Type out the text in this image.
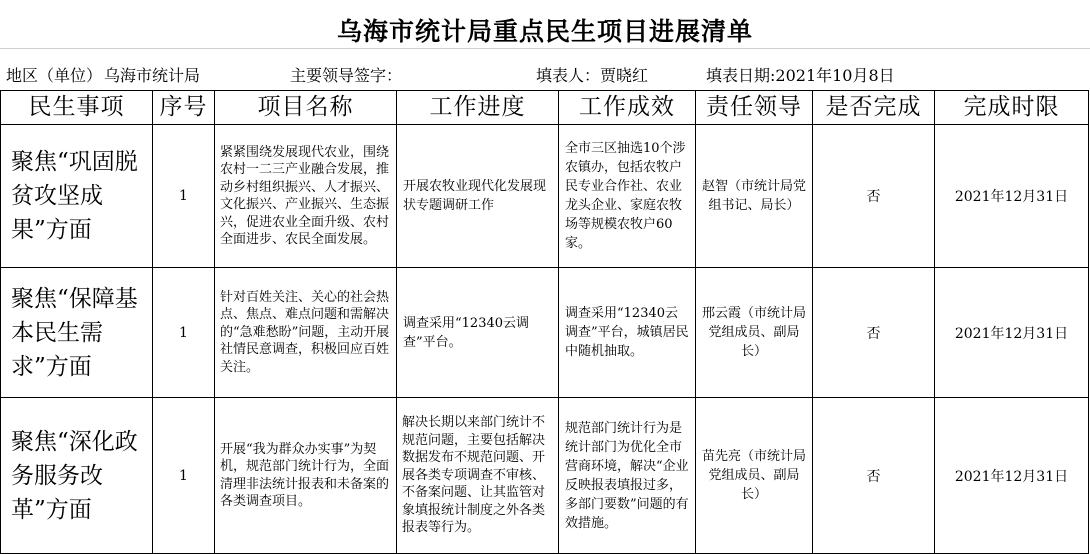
乌海市统计局重点民生项目进展清单
地区（单位） 乌海市统计局	主要领导签字：	填表人：贾晓红	填表日期:2021年10月8日
民生事项	序号	项目名称	工作进度	工作成效	责任领导	是否完成	完成时限
聚焦“巩固脱贫攻坚成果”方面	1	紧紧围绕发展现代农业，围绕农村一二三产业融合发展，推动乡村组织振兴、人才振兴、文化振兴、产业振兴、生态振兴，促进农业全面升级、农村全面进步、农民全面发展。	开展农牧业现代化发展现状专题调研工作	全市三区抽选10个涉农镇办，包括农牧户民专业合作社、农业龙头企业、家庭农牧场等规模农牧户60家。	赵智（市统计局党组书记、局长）	否	2021年12月31日
聚焦“保障基本民生需求”方面	1	针对百姓关注、关心的社会热点、焦点、难点问题和需解决的“急难愁盼”问题，主动开展社情民意调查，积极回应百姓关注。	调查采用“12340云调查”平台。	调查采用“12340云调查”平台，城镇居民中随机抽取。	邢云霞（市统计局党组成员、副局长）	否	2021年12月31日
聚焦“深化政务服务改革”方面	1	开展“我为群众办实事”为契机，规范部门统计行为，全面清理非法统计报表和未备案的各类调查项目。	解决长期以来部门统计不规范问题，主要包括解决数据发布不规范问题、开展各类专项调查不审核、不备案问题、让其监管对象填报统计制度之外各类报表等行为。	规范部门统计行为是统计部门为优化全市营商环境，解决“企业反映报表填报过多，多部门要数”问题的有效措施。	苗先亮（市统计局党组成员、副局长）	否	2021年12月31日
